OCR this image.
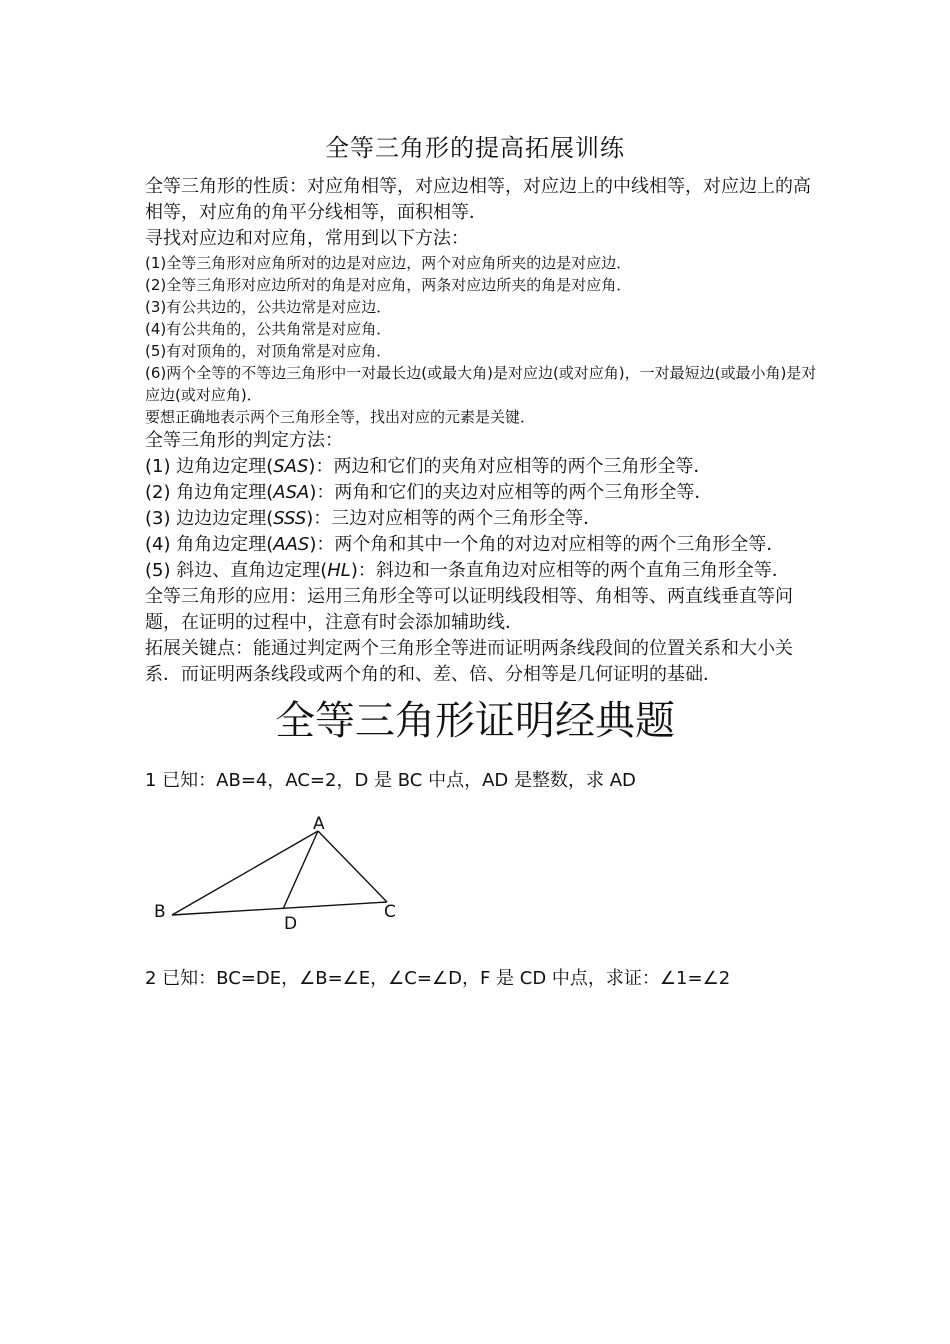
全等三角形的提高拓展训练

全等三角形的性质：对应角相等，对应边相等，对应边上的中线相等，对应边上的高相等，对应角的角平分线相等，面积相等．

寻找对应边和对应角，常用到以下方法：

(1)全等三角形对应角所对的边是对应边，两个对应角所夹的边是对应边．

(2)全等三角形对应边所对的角是对应角，两条对应边所夹的角是对应角．

(3)有公共边的，公共边常是对应边．

(4)有公共角的，公共角常是对应角．

(5)有对顶角的，对顶角常是对应角．

(6)两个全等的不等边三角形中一对最长边(或最大角)是对应边(或对应角)，一对最短边(或最小角)是对应边(或对应角)．

要想正确地表示两个三角形全等，找出对应的元素是关键．

全等三角形的判定方法：

(1) 边角边定理(SAS)：两边和它们的夹角对应相等的两个三角形全等．

(2) 角边角定理(ASA)：两角和它们的夹边对应相等的两个三角形全等．

(3) 边边边定理(SSS)：三边对应相等的两个三角形全等．

(4) 角角边定理(AAS)：两个角和其中一个角的对边对应相等的两个三角形全等．

(5) 斜边、直角边定理(HL)：斜边和一条直角边对应相等的两个直角三角形全等．

全等三角形的应用：运用三角形全等可以证明线段相等、角相等、两直线垂直等问题，在证明的过程中，注意有时会添加辅助线．

拓展关键点：能通过判定两个三角形全等进而证明两条线段间的位置关系和大小关系．而证明两条线段或两个角的和、差、倍、分相等是几何证明的基础．

全等三角形证明经典题
1 已知：AB=4，AC=2，D 是 BC 中点，AD 是整数，求 AD
A
B	C
D
2 已知：BC=DE，∠B=∠E，∠C=∠D，F 是 CD 中点，求证：∠1=∠2
